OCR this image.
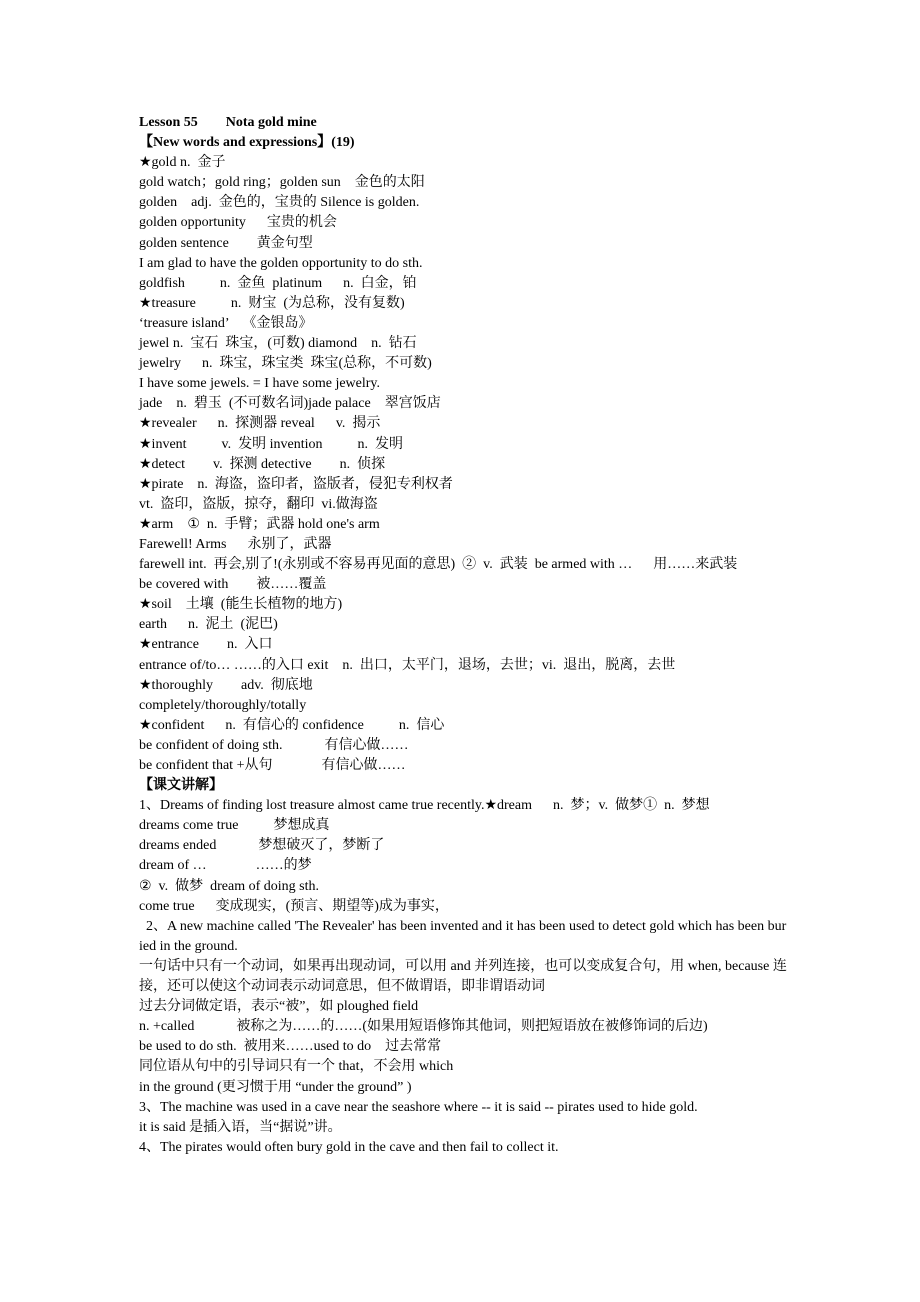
Lesson 55        Nota gold mine

【New words and expressions】(19)

★gold n.  金子

gold watch；gold ring；golden sun    金色的太阳

golden    adj.  金色的，宝贵的 Silence is golden.

golden opportunity      宝贵的机会

golden sentence        黄金句型

I am glad to have the golden opportunity to do sth.

goldfish          n.  金鱼  platinum      n.  白金，铂

★treasure          n.  财宝  (为总称，没有复数)

‘treasure island’    《金银岛》

jewel n.  宝石  珠宝，(可数) diamond    n.  钻石

jewelry      n.  珠宝，珠宝类  珠宝(总称，不可数)

I have some jewels. = I have some jewelry.

jade    n.  碧玉  (不可数名词)jade palace    翠宫饭店

★revealer      n.  探测器 reveal      v.  揭示

★invent          v.  发明 invention          n.  发明

★detect        v.  探测 detective        n.  侦探

★pirate    n.  海盗，盗印者，盗版者，侵犯专利权者

vt.  盗印，盗版，掠夺，翻印  vi.做海盗

★arm    ①  n.  手臂；武器 hold one's arm

Farewell! Arms      永别了，武器

farewell int.  再会,别了!(永别或不容易再见面的意思)  ②  v.  武装  be armed with …      用……来武装

be covered with        被……覆盖

★soil    土壤  (能生长植物的地方)

earth      n.  泥土  (泥巴)

★entrance        n.  入口

entrance of/to… ……的入口 exit    n.  出口，太平门，退场，去世；vi.  退出，脱离，去世

★thoroughly        adv.  彻底地

completely/thoroughly/totally

★confident      n.  有信心的 confidence          n.  信心

be confident of doing sth.            有信心做……

be confident that +从句              有信心做……

【课文讲解】

1、Dreams of finding lost treasure almost came true recently.★dream      n.  梦；v.  做梦①  n.  梦想

dreams come true          梦想成真

dreams ended            梦想破灭了，梦断了

dream of …              ……的梦

②  v.  做梦  dream of doing sth.

come true      变成现实，(预言、期望等)成为事实，

2、A new machine called 'The Revealer' has been invented and it has been used to detect gold which has been buried in the ground.

一句话中只有一个动词，如果再出现动词，可以用 and 并列连接，也可以变成复合句，用 when, because 连接，还可以使这个动词表示动词意思，但不做谓语，即非谓语动词

过去分词做定语，表示“被”，如 ploughed field

n. +called            被称之为……的……(如果用短语修饰其他词，则把短语放在被修饰词的后边)

be used to do sth.  被用来……used to do    过去常常

同位语从句中的引导词只有一个 that，不会用 which

in the ground (更习惯于用 “under the ground” )

3、The machine was used in a cave near the seashore where -- it is said -- pirates used to hide gold.

it is said 是插入语，当“据说”讲。

4、The pirates would often bury gold in the cave and then fail to collect it.
